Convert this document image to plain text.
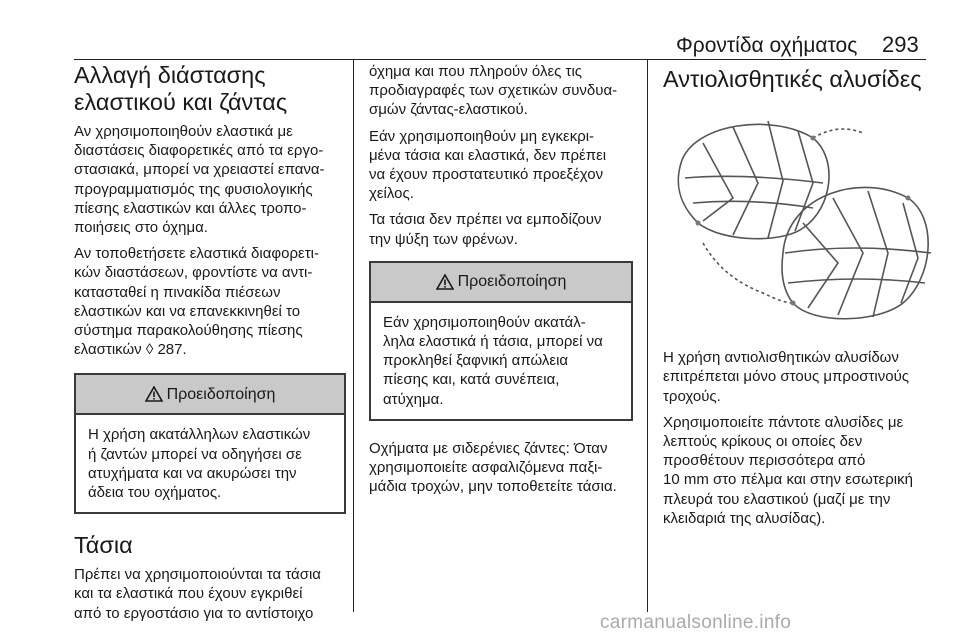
Φροντίδα οχήματος 293
Αλλαγή διάστασης
ελαστικού και ζάντας

Αν χρησιμοποιηθούν ελαστικά με
διαστάσεις διαφορετικές από τα εργο-
στασιακά, μπορεί να χρειαστεί επανα-
προγραμματισμός της φυσιολογικής
πίεσης ελαστικών και άλλες τροπο-
ποιήσεις στο όχημα.

Αν τοποθετήσετε ελαστικά διαφορετι-
κών διαστάσεων, φροντίστε να αντι-
κατασταθεί η πινακίδα πιέσεων
ελαστικών και να επανεκκινηθεί το
σύστημα παρακολούθησης πίεσης
ελαστικών ◊ 287.

Προειδοποίηση
Η χρήση ακατάλληλων ελαστικών
ή ζαντών μπορεί να οδηγήσει σε
ατυχήματα και να ακυρώσει την
άδεια του οχήματος.
Τάσια

Πρέπει να χρησιμοποιούνται τα τάσια
και τα ελαστικά που έχουν εγκριθεί
από το εργοστάσιο για το αντίστοιχο

όχημα και που πληρούν όλες τις
προδιαγραφές των σχετικών συνδυα-
σμών ζάντας-ελαστικού.

Εάν χρησιμοποιηθούν μη εγκεκρι-
μένα τάσια και ελαστικά, δεν πρέπει
να έχουν προστατευτικό προεξέχον
χείλος.

Τα τάσια δεν πρέπει να εμποδίζουν
την ψύξη των φρένων.

Προειδοποίηση
Εάν χρησιμοποιηθούν ακατάλ-
ληλα ελαστικά ή τάσια, μπορεί να
προκληθεί ξαφνική απώλεια
πίεσης και, κατά συνέπεια,
ατύχημα.

Οχήματα με σιδερένιες ζάντες: Όταν
χρησιμοποιείτε ασφαλιζόμενα παξι-
μάδια τροχών, μην τοποθετείτε τάσια.

Αντιολισθητικές αλυσίδες

Η χρήση αντιολισθητικών αλυσίδων
επιτρέπεται μόνο στους μπροστινούς
τροχούς.

Χρησιμοποιείτε πάντοτε αλυσίδες με
λεπτούς κρίκους οι οποίες δεν
προσθέτουν περισσότερα από
10 mm στο πέλμα και στην εσωτερική
πλευρά του ελαστικού (μαζί με την
κλειδαριά της αλυσίδας).

carmanualsonline.info
